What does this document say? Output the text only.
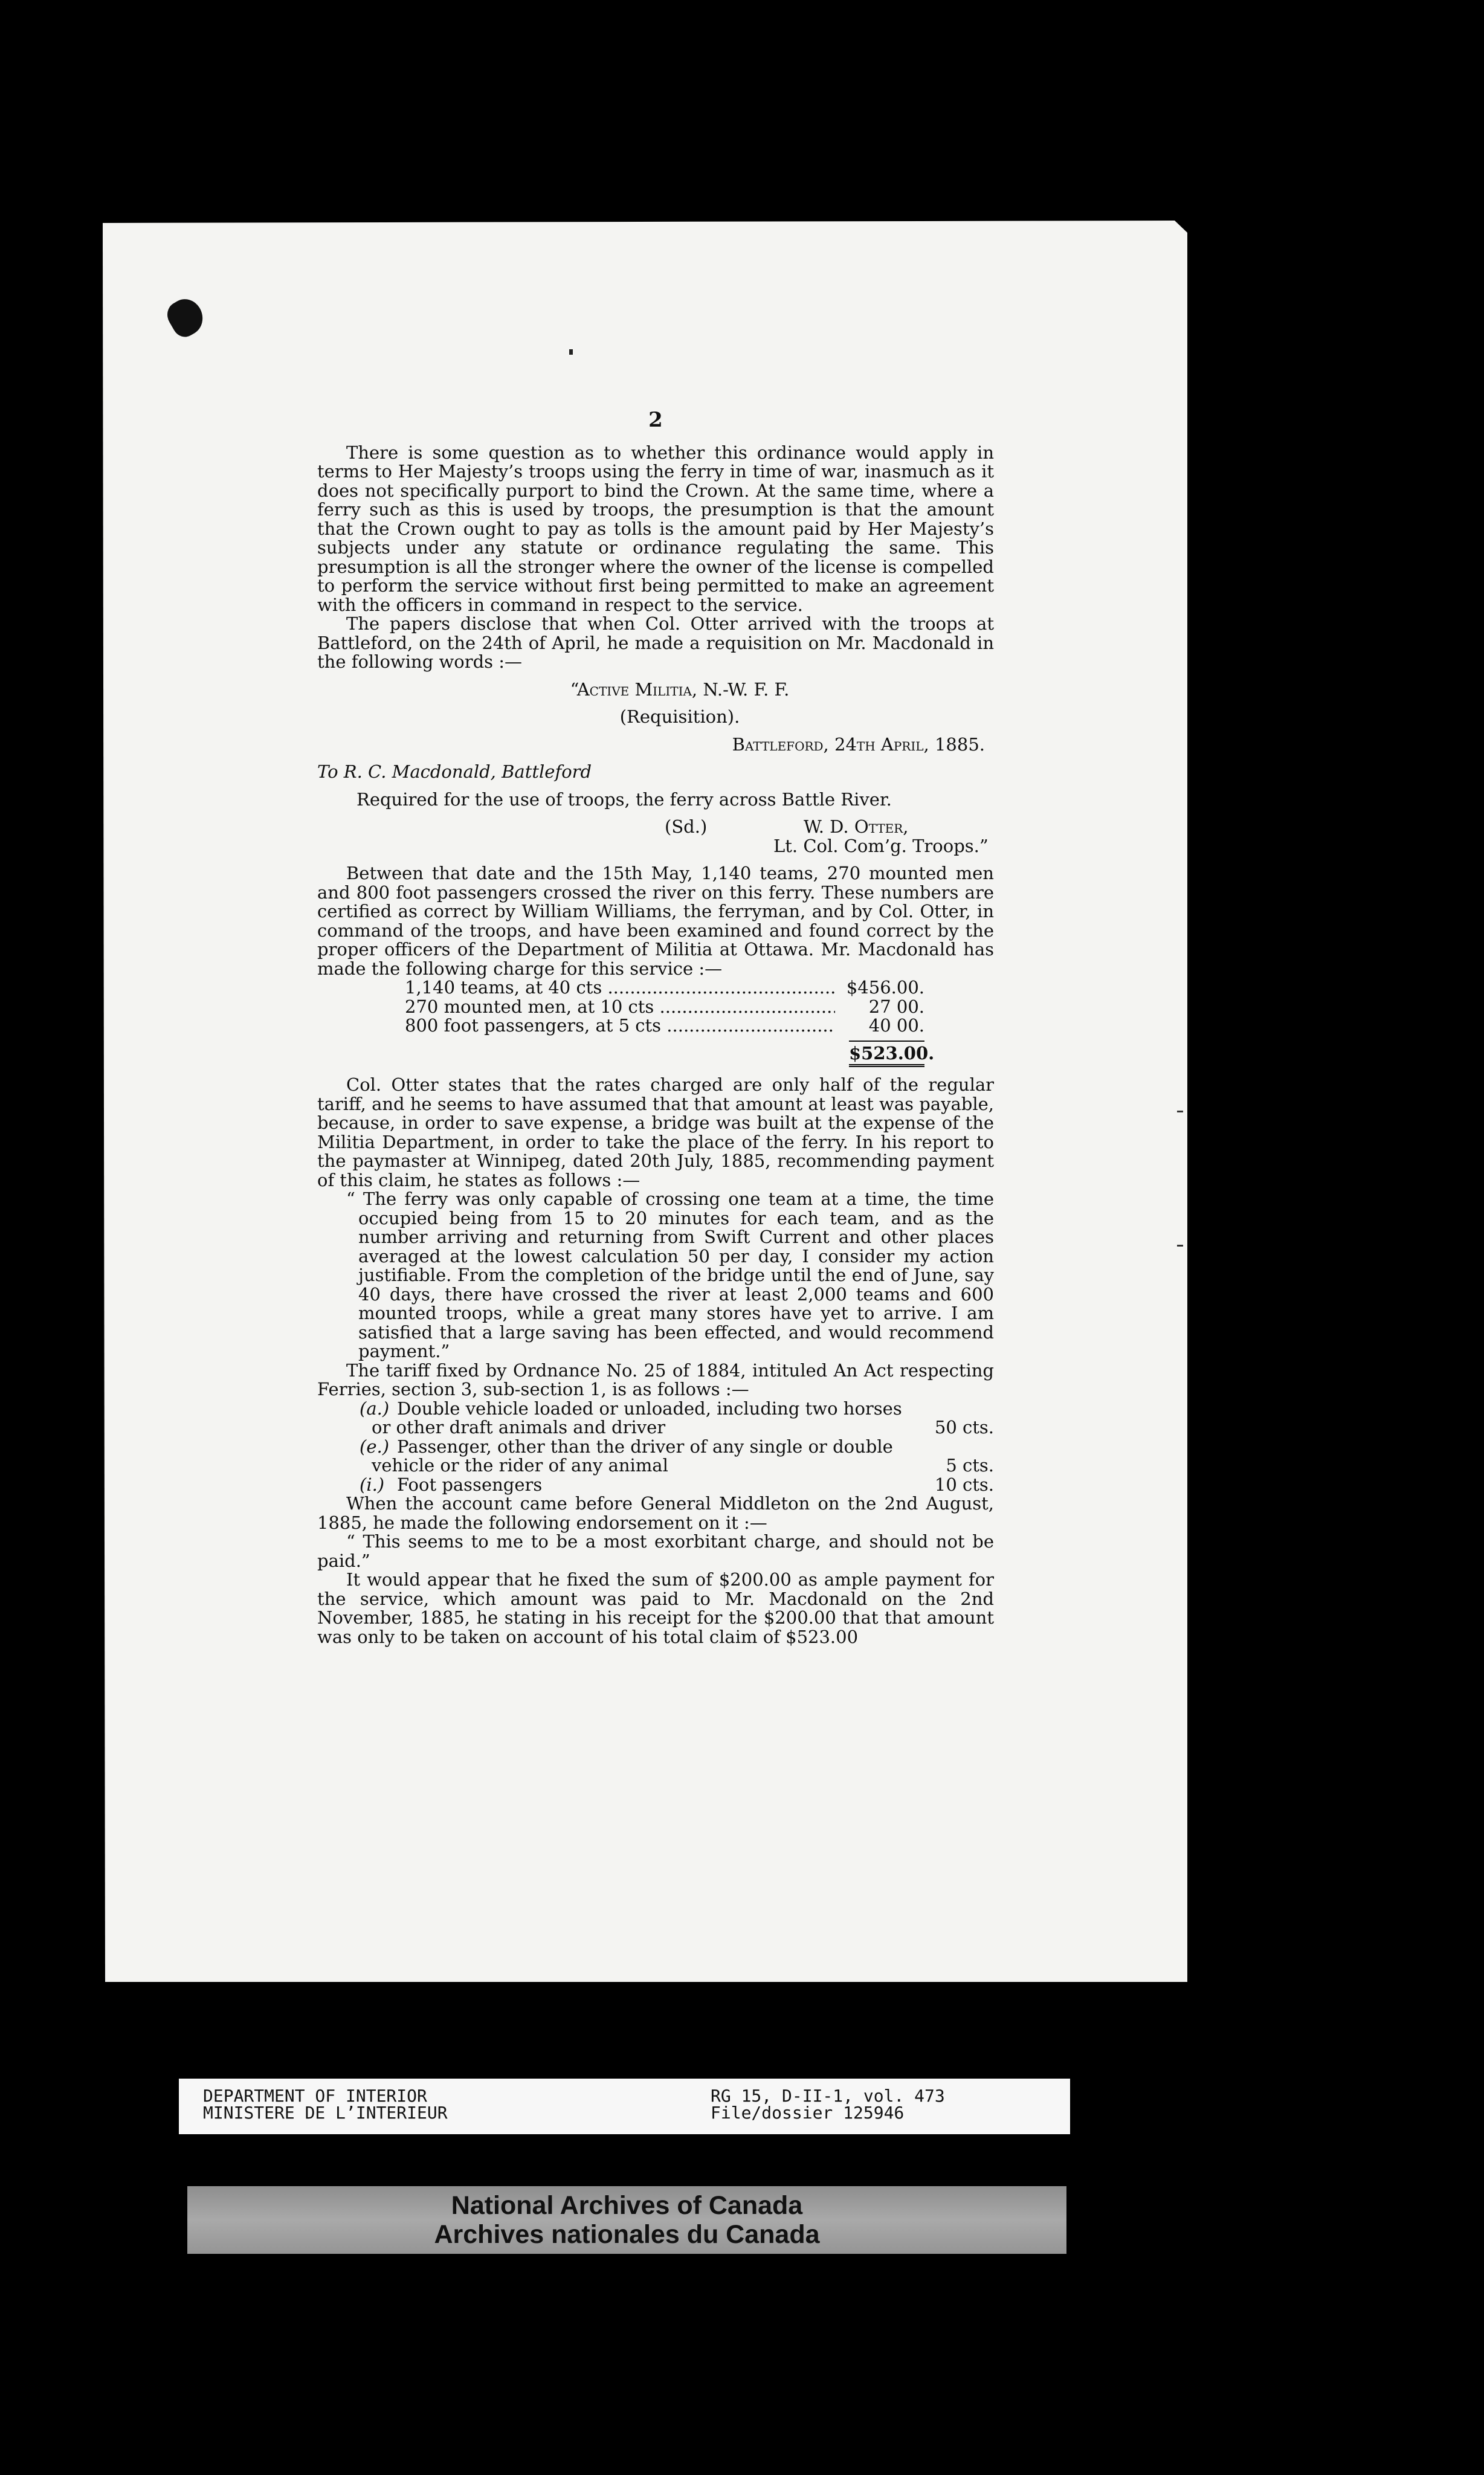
2

There is some question as to whether this ordinance would apply in terms to Her Majesty’s troops using the ferry in time of war, inasmuch as it does not specifically purport to bind the Crown. At the same time, where a ferry such as this is used by troops, the presumption is that the amount that the Crown ought to pay as tolls is the amount paid by Her Majesty’s subjects under any statute or ordinance regulating the same. This presumption is all the stronger where the owner of the license is compelled to perform the service without first being permitted to make an agreement with the officers in command in respect to the service.

The papers disclose that when Col. Otter arrived with the troops at Battleford, on the 24th of April, he made a requisition on Mr. Macdonald in the following words :—

“Active Militia, N.-W. F. F.

(Requisition).

Battleford, 24th April, 1885.

To R. C. Macdonald, Battleford

Required for the use of troops, the ferry across Battle River.

(Sd.)	W. D. Otter,

Lt. Col. Com’g. Troops.”

Between that date and the 15th May, 1,140 teams, 270 mounted men and 800 foot passengers crossed the river on this ferry. These numbers are certified as correct by William Williams, the ferryman, and by Col. Otter, in command of the troops, and have been examined and found correct by the proper officers of the Department of Militia at Ottawa. Mr. Macdonald has made the following charge for this service :—

1,140 teams, at 40 cts .....	$456.00.
270 mounted men, at 10 cts .....	27 00.
800 foot passengers, at 5 cts .....	40 00.
$523.00.

Col. Otter states that the rates charged are only half of the regular tariff, and he seems to have assumed that that amount at least was payable, because, in order to save expense, a bridge was built at the expense of the Militia Department, in order to take the place of the ferry. In his report to the paymaster at Winnipeg, dated 20th July, 1885, recommending payment of this claim, he states as follows :—

“ The ferry was only capable of crossing one team at a time, the time occupied being from 15 to 20 minutes for each team, and as the number arriving and returning from Swift Current and other places averaged at the lowest calculation 50 per day, I consider my action justifiable. From the completion of the bridge until the end of June, say 40 days, there have crossed the river at least 2,000 teams and 600 mounted troops, while a great many stores have yet to arrive. I am satisfied that a large saving has been effected, and would recommend payment.”

The tariff fixed by Ordnance No. 25 of 1884, intituled An Act respecting Ferries, section 3, sub-section 1, is as follows :—

(a.) Double vehicle loaded or unloaded, including two horses
or other draft animals and driver	50 cts.
(e.) Passenger, other than the driver of any single or double
vehicle or the rider of any animal	5 cts.
(i.) Foot passengers	10 cts.

When the account came before General Middleton on the 2nd August, 1885, he made the following endorsement on it :—

“ This seems to me to be a most exorbitant charge, and should not be paid.”

It would appear that he fixed the sum of $200.00 as ample payment for the service, which amount was paid to Mr. Macdonald on the 2nd November, 1885, he stating in his receipt for the $200.00 that that amount was only to be taken on account of his total claim of $523.00

DEPARTMENT OF INTERIOR
MINISTERE DE L’INTERIEUR
RG 15, D-II-1, vol. 473
File/dossier 125946
National Archives of Canada
Archives nationales du Canada
